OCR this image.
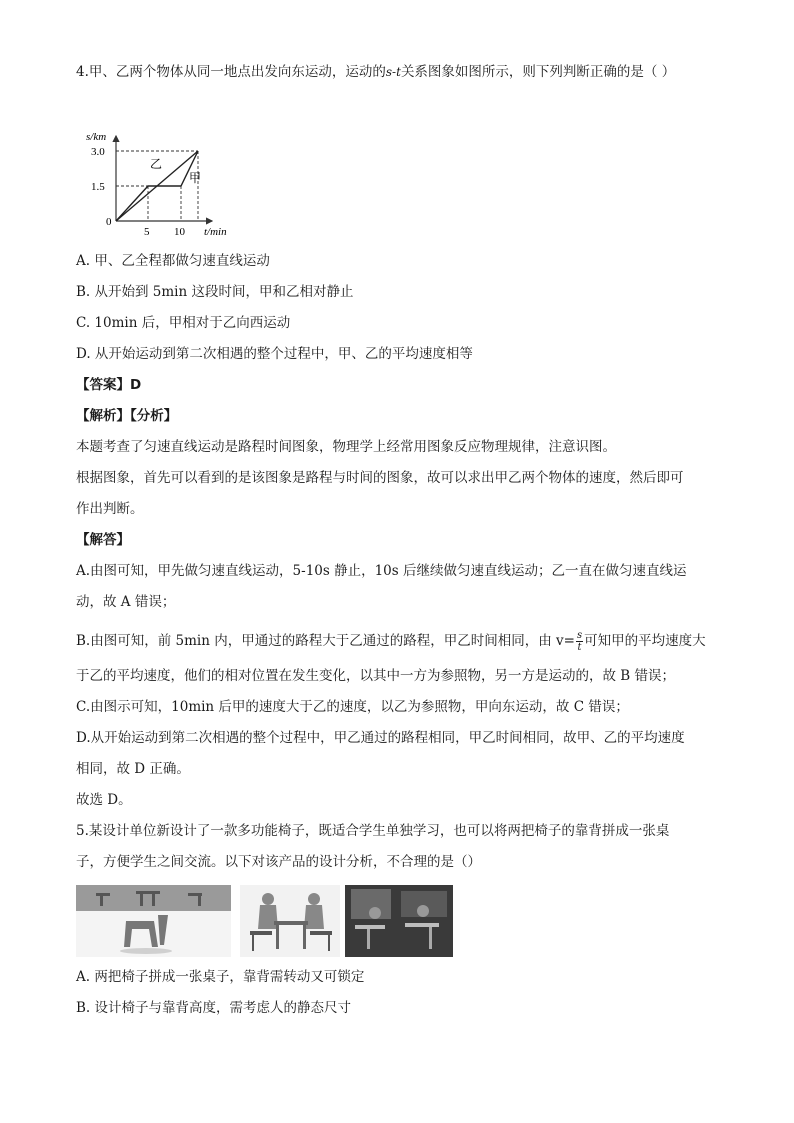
4.甲、乙两个物体从同一地点出发向东运动，运动的s-t关系图象如图所示，则下列判断正确的是（ ）
s/km
3.0
1.5
0
5 10 t/min
乙
甲
A. 甲、乙全程都做匀速直线运动
B. 从开始到 5min 这段时间，甲和乙相对静止
C. 10min 后，甲相对于乙向西运动
D. 从开始运动到第二次相遇的整个过程中，甲、乙的平均速度相等
【答案】D
【解析】【分析】
本题考查了匀速直线运动是路程时间图象，物理学上经常用图象反应物理规律，注意识图。
根据图象，首先可以看到的是该图象是路程与时间的图象，故可以求出甲乙两个物体的速度，然后即可
作出判断。
【解答】
A.由图可知，甲先做匀速直线运动，5-10s 静止，10s 后继续做匀速直线运动；乙一直在做匀速直线运
动，故 A 错误；
B.由图可知，前 5min 内，甲通过的路程大于乙通过的路程，甲乙时间相同，由 $v= \frac{s}{t}$ 可知甲的平均速度大
于乙的平均速度，他们的相对位置在发生变化，以其中一方为参照物，另一方是运动的，故 B 错误；
C.由图示可知，10min 后甲的速度大于乙的速度，以乙为参照物，甲向东运动，故 C 错误；
D.从开始运动到第二次相遇的整个过程中，甲乙通过的路程相同，甲乙时间相同，故甲、乙的平均速度
相同，故 D 正确。
故选 D。
5.某设计单位新设计了一款多功能椅子，既适合学生单独学习，也可以将两把椅子的靠背拼成一张桌
子，方便学生之间交流。以下对该产品的设计分析，不合理的是（）
A. 两把椅子拼成一张桌子，靠背需转动又可锁定
B. 设计椅子与靠背高度，需考虑人的静态尺寸
